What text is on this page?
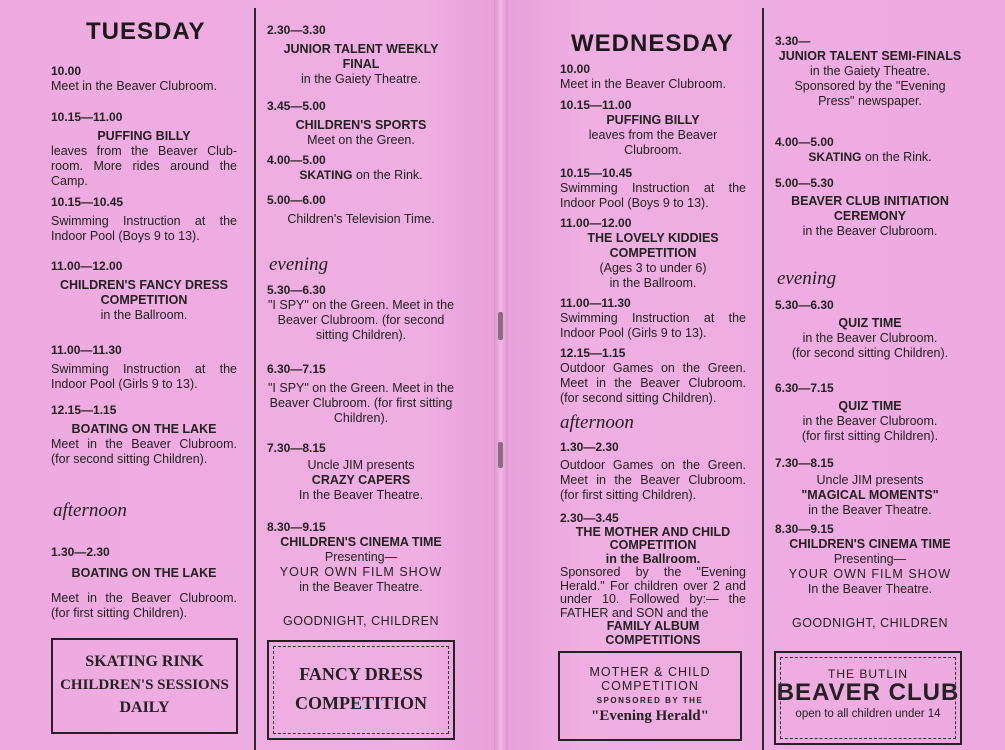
TUESDAY
10.00
Meet in the Beaver Clubroom.
10.15—11.00
PUFFING BILLY
leaves from the Beaver Club-room. More rides around the Camp.
10.15—10.45
Swimming Instruction at the Indoor Pool (Boys 9 to 13).
11.00—12.00
CHILDREN'S FANCY DRESS COMPETITION
in the Ballroom.
11.00—11.30
Swimming Instruction at the Indoor Pool (Girls 9 to 13).
12.15—1.15
BOATING ON THE LAKE
Meet in the Beaver Clubroom. (for second sitting Children).
afternoon
1.30—2.30
BOATING ON THE LAKE
Meet in the Beaver Clubroom. (for first sitting Children).
SKATING RINK
CHILDREN'S SESSIONS
DAILY
2.30—3.30
JUNIOR TALENT WEEKLY FINAL
in the Gaiety Theatre.
3.45—5.00
CHILDREN'S SPORTS
Meet on the Green.
4.00—5.00
SKATING on the Rink.
5.00—6.00
Children's Television Time.
evening
5.30—6.30
"I SPY" on the Green. Meet in the Beaver Clubroom. (for second sitting Children).
6.30—7.15
"I SPY" on the Green. Meet in the Beaver Clubroom. (for first sitting Children).
7.30—8.15
Uncle JIM presents
CRAZY CAPERS
In the Beaver Theatre.
8.30—9.15
CHILDREN'S CINEMA TIME
Presenting—
YOUR OWN FILM SHOW
in the Beaver Theatre.
GOODNIGHT, CHILDREN
FANCY DRESS
COMPETITION
WEDNESDAY
10.00
Meet in the Beaver Clubroom.
10.15—11.00
PUFFING BILLY
leaves from the Beaver
Clubroom.
10.15—10.45
Swimming Instruction at the Indoor Pool (Boys 9 to 13).
11.00—12.00
THE LOVELY KIDDIES COMPETITION
(Ages 3 to under 6)
in the Ballroom.
11.00—11.30
Swimming Instruction at the Indoor Pool (Girls 9 to 13).
12.15—1.15
Outdoor Games on the Green. Meet in the Beaver Clubroom. (for second sitting Children).
afternoon
1.30—2.30
Outdoor Games on the Green. Meet in the Beaver Clubroom. (for first sitting Children).
2.30—3.45
THE MOTHER AND CHILD COMPETITION
in the Ballroom.
Sponsored by the "Evening Herald." For children over 2 and under 10. Followed by:— the FATHER and SON and the
FAMILY ALBUM COMPETITIONS
MOTHER & CHILD
COMPETITION
SPONSORED BY THE
"Evening Herald"
3.30—
JUNIOR TALENT SEMI-FINALS
in the Gaiety Theatre.
Sponsored by the "Evening
Press" newspaper.
4.00—5.00
SKATING on the Rink.
5.00—5.30
BEAVER CLUB INITIATION CEREMONY
in the Beaver Clubroom.
evening
5.30—6.30
QUIZ TIME
in the Beaver Clubroom.
(for second sitting Children).
6.30—7.15
QUIZ TIME
in the Beaver Clubroom.
(for first sitting Children).
7.30—8.15
Uncle JIM presents
"MAGICAL MOMENTS"
in the Beaver Theatre.
8.30—9.15
CHILDREN'S CINEMA TIME
Presenting—
YOUR OWN FILM SHOW
In the Beaver Theatre.
GOODNIGHT, CHILDREN
THE BUTLIN
BEAVER CLUB
open to all children under 14
